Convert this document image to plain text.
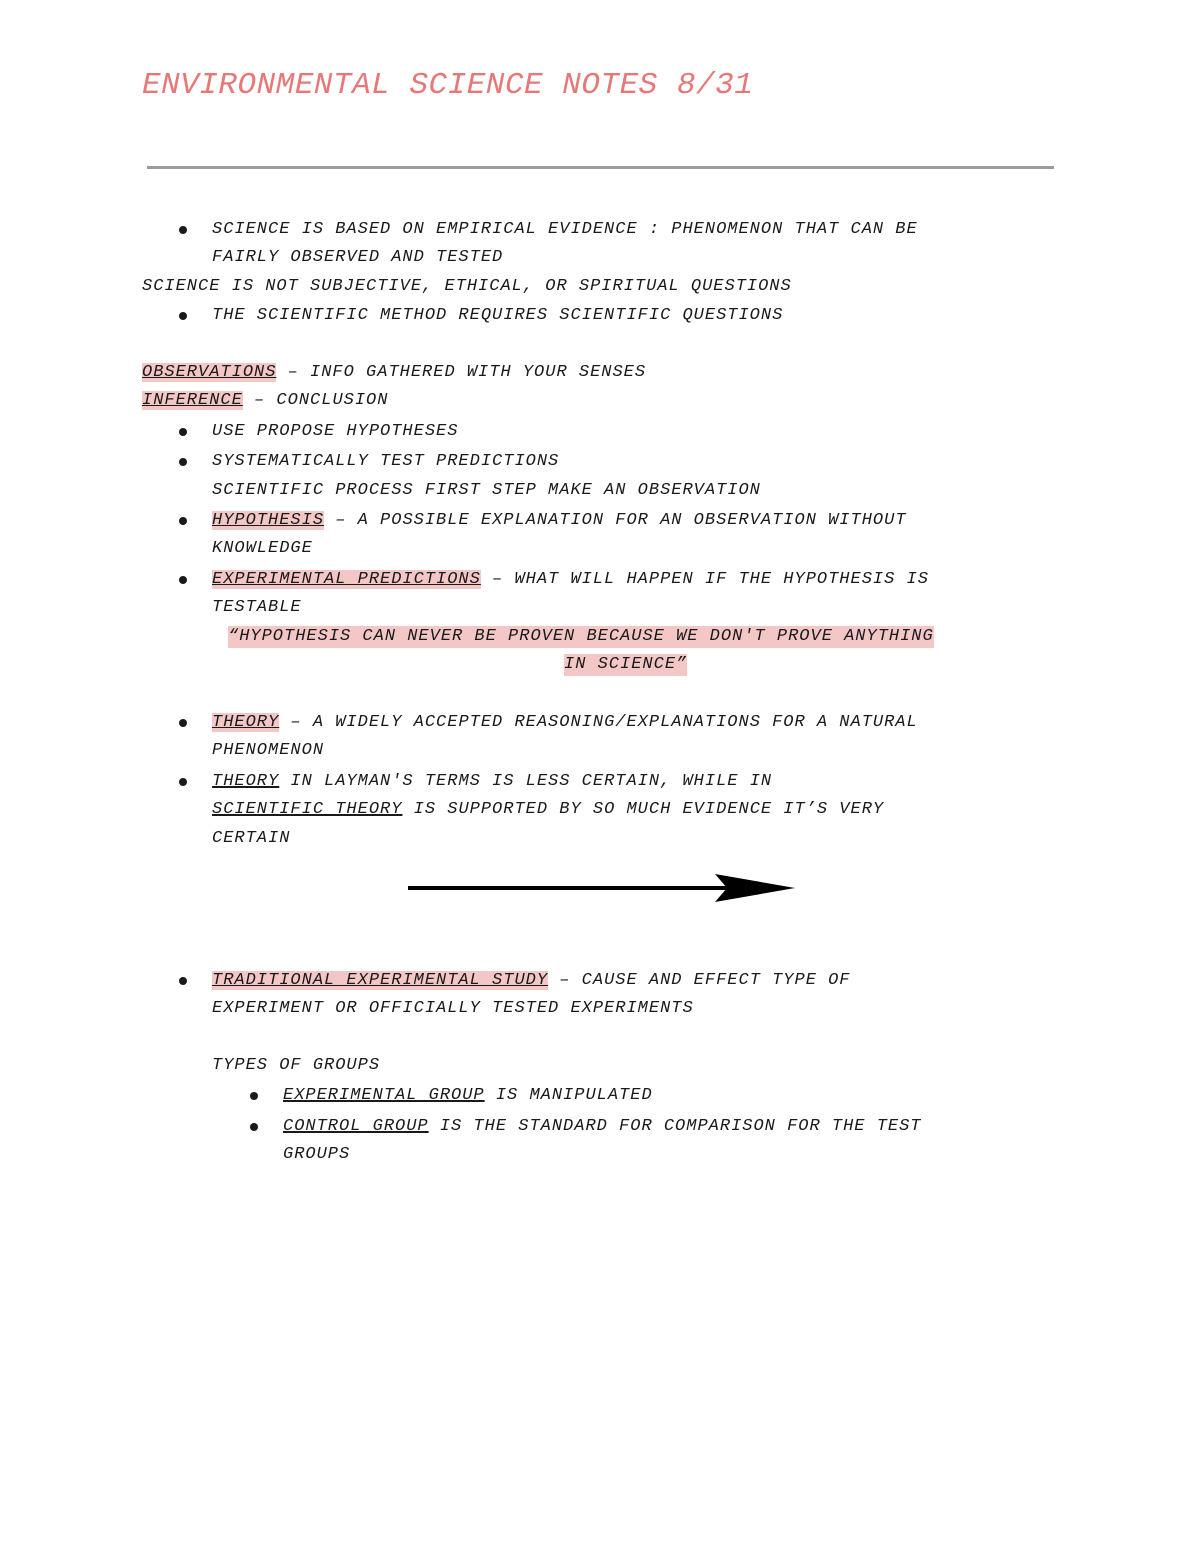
ENVIRONMENTAL SCIENCE NOTES 8/31
SCIENCE IS BASED ON EMPIRICAL EVIDENCE : PHENOMENON THAT CAN BE
FAIRLY OBSERVED AND TESTED
SCIENCE IS NOT SUBJECTIVE, ETHICAL, OR SPIRITUAL QUESTIONS
THE SCIENTIFIC METHOD REQUIRES SCIENTIFIC QUESTIONS
OBSERVATIONS – INFO GATHERED WITH YOUR SENSES
INFERENCE – CONCLUSION
USE PROPOSE HYPOTHESES
SYSTEMATICALLY TEST PREDICTIONS
SCIENTIFIC PROCESS FIRST STEP MAKE AN OBSERVATION
HYPOTHESIS – A POSSIBLE EXPLANATION FOR AN OBSERVATION WITHOUT
KNOWLEDGE
EXPERIMENTAL PREDICTIONS – WHAT WILL HAPPEN IF THE HYPOTHESIS IS
TESTABLE
“HYPOTHESIS CAN NEVER BE PROVEN BECAUSE WE DON'T PROVE ANYTHING
IN SCIENCE”
THEORY – A WIDELY ACCEPTED REASONING/EXPLANATIONS FOR A NATURAL
PHENOMENON
THEORY IN LAYMAN'S TERMS IS LESS CERTAIN, WHILE IN
SCIENTIFIC THEORY IS SUPPORTED BY SO MUCH EVIDENCE IT’S VERY
CERTAIN
TRADITIONAL EXPERIMENTAL STUDY – CAUSE AND EFFECT TYPE OF
EXPERIMENT OR OFFICIALLY TESTED EXPERIMENTS
TYPES OF GROUPS
EXPERIMENTAL GROUP IS MANIPULATED
CONTROL GROUP IS THE STANDARD FOR COMPARISON FOR THE TEST
GROUPS
